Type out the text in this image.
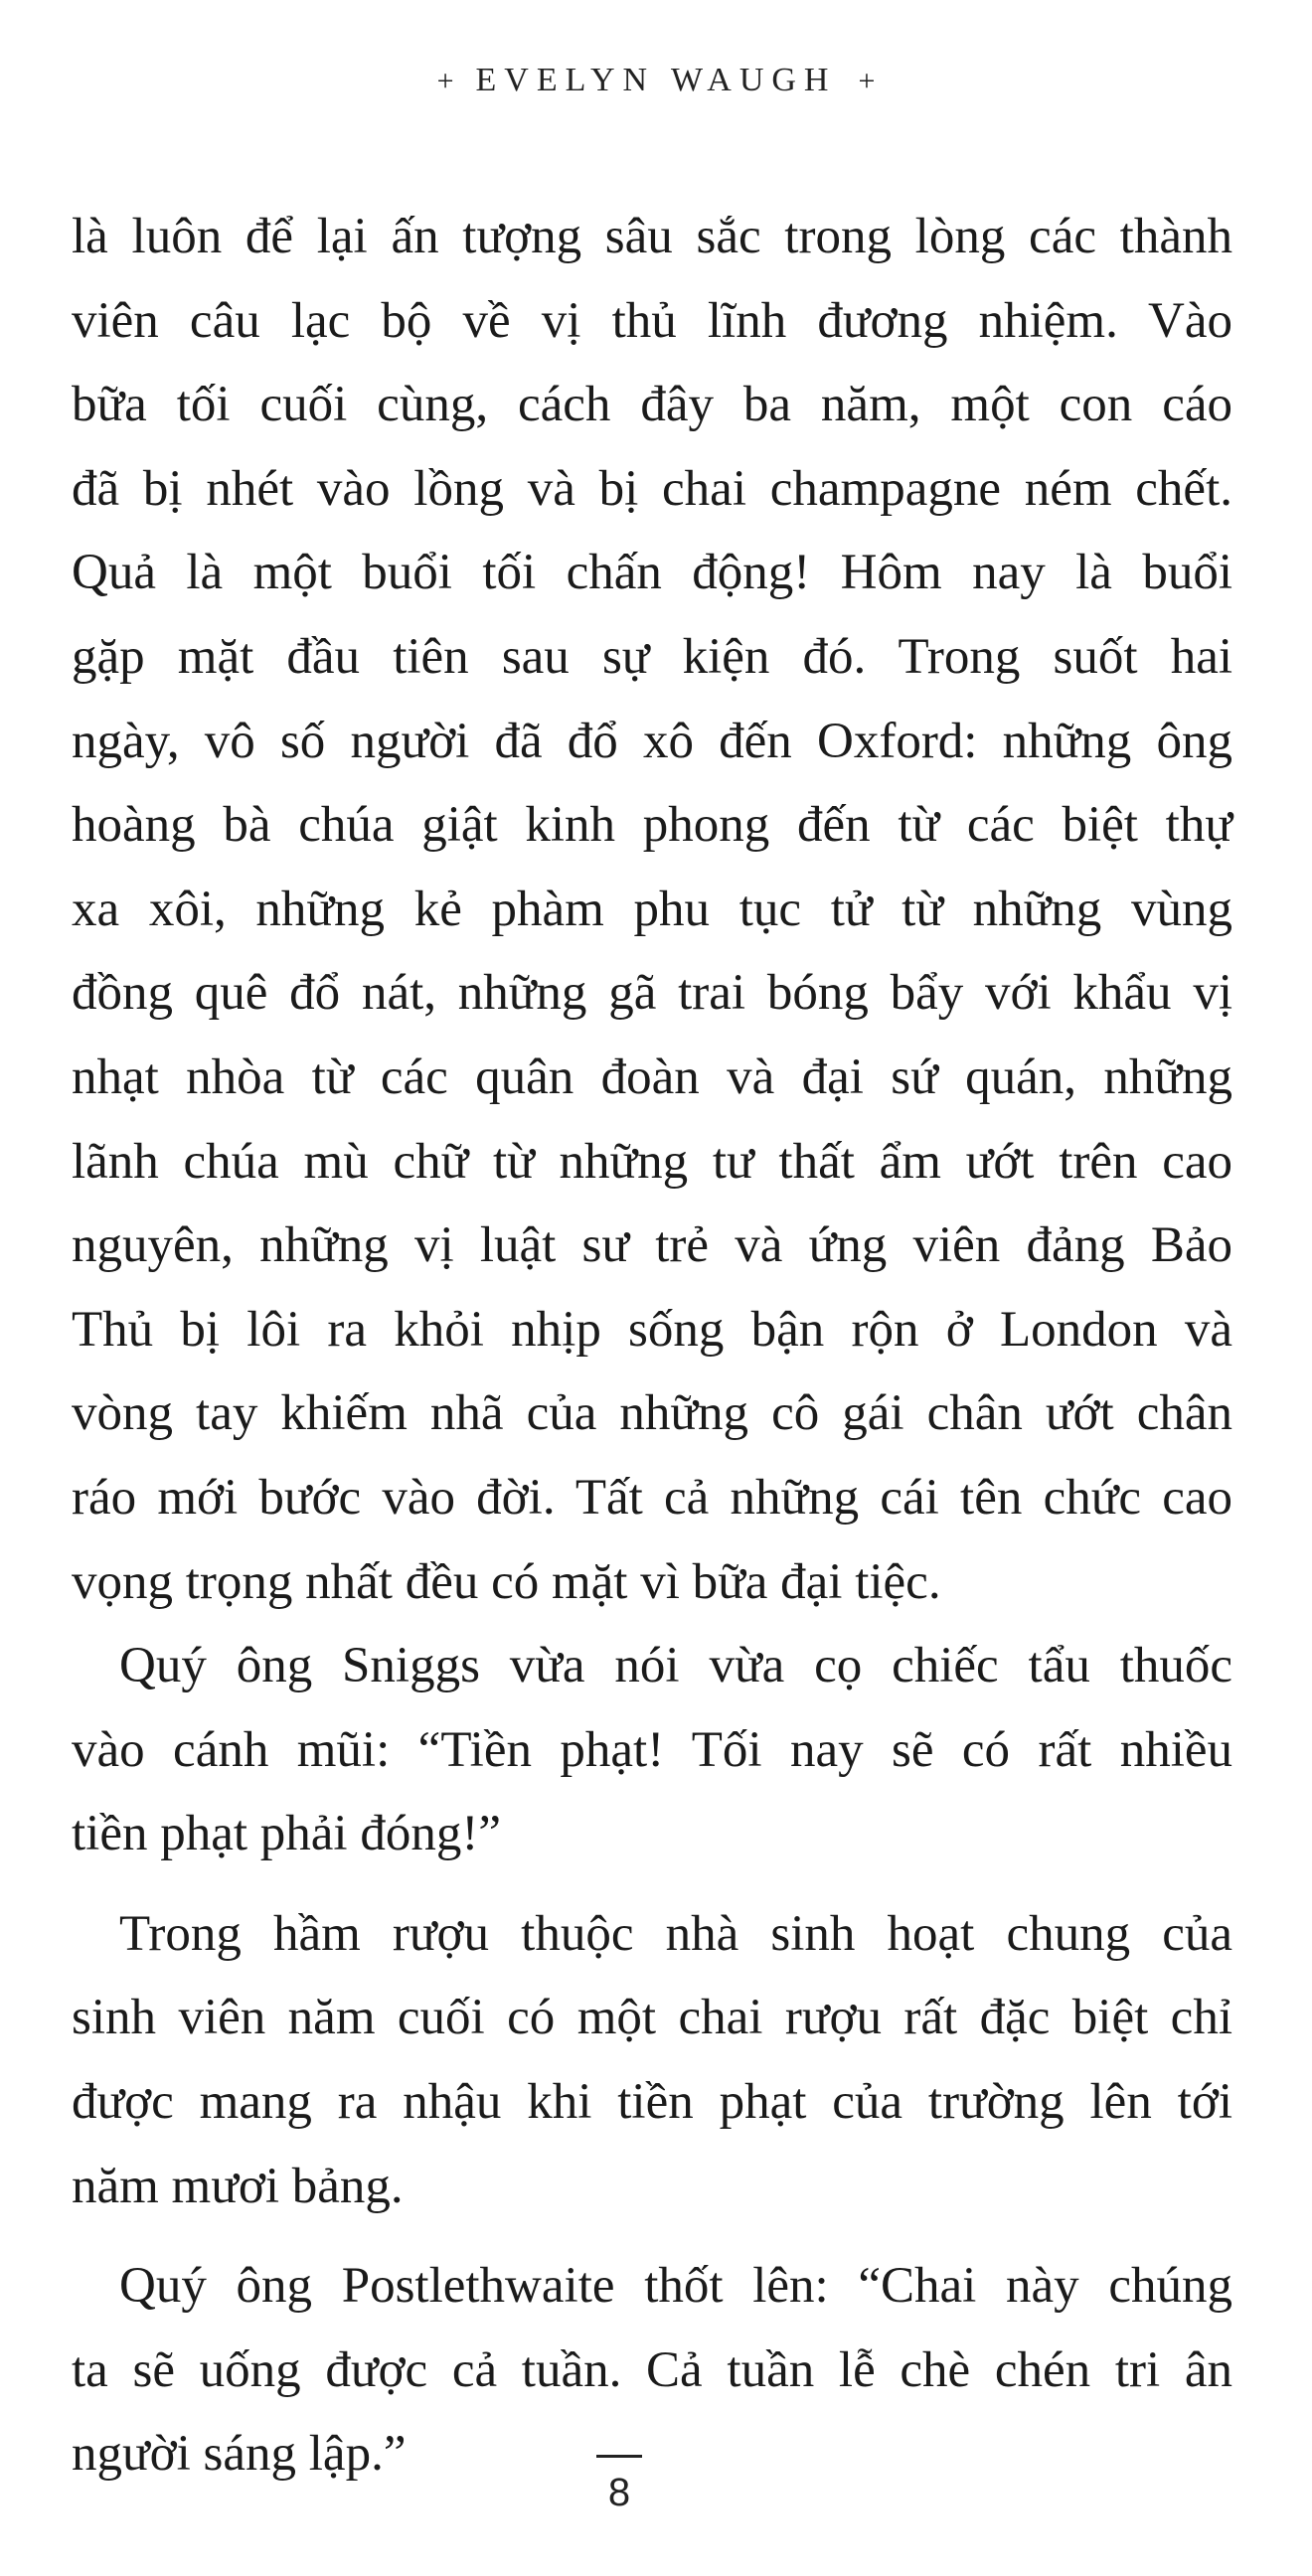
+ EVELYN WAUGH +
là luôn để lại ấn tượng sâu sắc trong lòng các thành
viên câu lạc bộ về vị thủ lĩnh đương nhiệm. Vào
bữa tối cuối cùng, cách đây ba năm, một con cáo
đã bị nhét vào lồng và bị chai champagne ném chết.
Quả là một buổi tối chấn động! Hôm nay là buổi
gặp mặt đầu tiên sau sự kiện đó. Trong suốt hai
ngày, vô số người đã đổ xô đến Oxford: những ông
hoàng bà chúa giật kinh phong đến từ các biệt thự
xa xôi, những kẻ phàm phu tục tử từ những vùng
đồng quê đổ nát, những gã trai bóng bẩy với khẩu vị
nhạt nhòa từ các quân đoàn và đại sứ quán, những
lãnh chúa mù chữ từ những tư thất ẩm ướt trên cao
nguyên, những vị luật sư trẻ và ứng viên đảng Bảo
Thủ bị lôi ra khỏi nhịp sống bận rộn ở London và
vòng tay khiếm nhã của những cô gái chân ướt chân
ráo mới bước vào đời. Tất cả những cái tên chức cao
vọng trọng nhất đều có mặt vì bữa đại tiệc.
Quý ông Sniggs vừa nói vừa cọ chiếc tẩu thuốc
vào cánh mũi: “Tiền phạt! Tối nay sẽ có rất nhiều
tiền phạt phải đóng!”
Trong hầm rượu thuộc nhà sinh hoạt chung của
sinh viên năm cuối có một chai rượu rất đặc biệt chỉ
được mang ra nhậu khi tiền phạt của trường lên tới
năm mươi bảng.
Quý ông Postlethwaite thốt lên: “Chai này chúng
ta sẽ uống được cả tuần. Cả tuần lễ chè chén tri ân
người sáng lập.”
8
